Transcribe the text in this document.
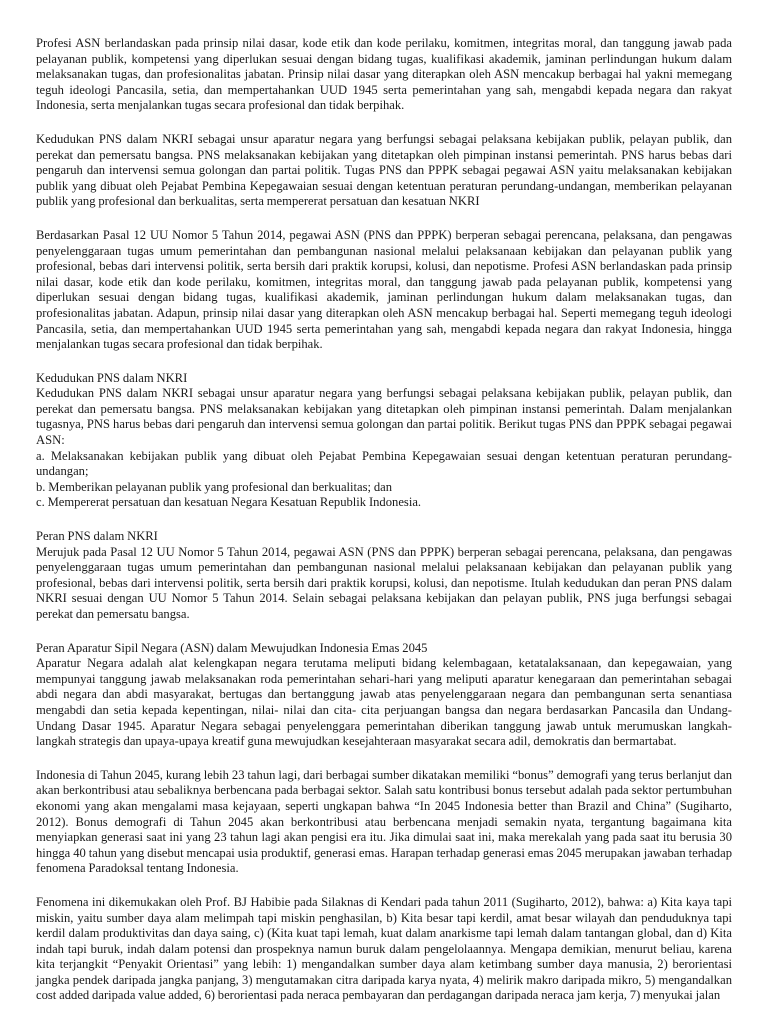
Profesi ASN berlandaskan pada prinsip nilai dasar, kode etik dan kode perilaku, komitmen, integritas moral, dan tanggung jawab pada pelayanan publik, kompetensi yang diperlukan sesuai dengan bidang tugas, kualifikasi akademik, jaminan perlindungan hukum dalam melaksanakan tugas, dan profesionalitas jabatan. Prinsip nilai dasar yang diterapkan oleh ASN mencakup berbagai hal yakni memegang teguh ideologi Pancasila, setia, dan mempertahankan UUD 1945 serta pemerintahan yang sah, mengabdi kepada negara dan rakyat Indonesia, serta menjalankan tugas secara profesional dan tidak berpihak.

Kedudukan PNS dalam NKRI sebagai unsur aparatur negara yang berfungsi sebagai pelaksana kebijakan publik, pelayan publik, dan perekat dan pemersatu bangsa. PNS melaksanakan kebijakan yang ditetapkan oleh pimpinan instansi pemerintah. PNS harus bebas dari pengaruh dan intervensi semua golongan dan partai politik. Tugas PNS dan PPPK sebagai pegawai ASN yaitu melaksanakan kebijakan publik yang dibuat oleh Pejabat Pembina Kepegawaian sesuai dengan ketentuan peraturan perundang-undangan, memberikan pelayanan publik yang profesional dan berkualitas, serta mempererat persatuan dan kesatuan NKRI

Berdasarkan Pasal 12 UU Nomor 5 Tahun 2014, pegawai ASN (PNS dan PPPK) berperan sebagai perencana, pelaksana, dan pengawas penyelenggaraan tugas umum pemerintahan dan pembangunan nasional melalui pelaksanaan kebijakan dan pelayanan publik yang profesional, bebas dari intervensi politik, serta bersih dari praktik korupsi, kolusi, dan nepotisme. Profesi ASN berlandaskan pada prinsip nilai dasar, kode etik dan kode perilaku, komitmen, integritas moral, dan tanggung jawab pada pelayanan publik, kompetensi yang diperlukan sesuai dengan bidang tugas, kualifikasi akademik, jaminan perlindungan hukum dalam melaksanakan tugas, dan profesionalitas jabatan. Adapun, prinsip nilai dasar yang diterapkan oleh ASN mencakup berbagai hal. Seperti memegang teguh ideologi Pancasila, setia, dan mempertahankan UUD 1945 serta pemerintahan yang sah, mengabdi kepada negara dan rakyat Indonesia, hingga menjalankan tugas secara profesional dan tidak berpihak.

Kedudukan PNS dalam NKRI
Kedudukan PNS dalam NKRI sebagai unsur aparatur negara yang berfungsi sebagai pelaksana kebijakan publik, pelayan publik, dan perekat dan pemersatu bangsa. PNS melaksanakan kebijakan yang ditetapkan oleh pimpinan instansi pemerintah. Dalam menjalankan tugasnya, PNS harus bebas dari pengaruh dan intervensi semua golongan dan partai politik. Berikut tugas PNS dan PPPK sebagai pegawai ASN:
a. Melaksanakan kebijakan publik yang dibuat oleh Pejabat Pembina Kepegawaian sesuai dengan ketentuan peraturan perundang-undangan;
b. Memberikan pelayanan publik yang profesional dan berkualitas; dan
c. Mempererat persatuan dan kesatuan Negara Kesatuan Republik Indonesia.
Peran PNS dalam NKRI
Merujuk pada Pasal 12 UU Nomor 5 Tahun 2014, pegawai ASN (PNS dan PPPK) berperan sebagai perencana, pelaksana, dan pengawas penyelenggaraan tugas umum pemerintahan dan pembangunan nasional melalui pelaksanaan kebijakan dan pelayanan publik yang profesional, bebas dari intervensi politik, serta bersih dari praktik korupsi, kolusi, dan nepotisme. Itulah kedudukan dan peran PNS dalam NKRI sesuai dengan UU Nomor 5 Tahun 2014. Selain sebagai pelaksana kebijakan dan pelayan publik, PNS juga berfungsi sebagai perekat dan pemersatu bangsa.
Peran Aparatur Sipil Negara (ASN) dalam Mewujudkan Indonesia Emas 2045
Aparatur Negara adalah alat kelengkapan negara terutama meliputi bidang kelembagaan, ketatalaksanaan, dan kepegawaian, yang mempunyai tanggung jawab melaksanakan roda pemerintahan sehari-hari yang meliputi aparatur kenegaraan dan pemerintahan sebagai abdi negara dan abdi masyarakat, bertugas dan bertanggung jawab atas penyelenggaraan negara dan pembangunan serta senantiasa mengabdi dan setia kepada kepentingan, nilai- nilai dan cita- cita perjuangan bangsa dan negara berdasarkan Pancasila dan Undang-Undang Dasar 1945. Aparatur Negara sebagai penyelenggara pemerintahan diberikan tanggung jawab untuk merumuskan langkah-langkah strategis dan upaya-upaya kreatif guna mewujudkan kesejahteraan masyarakat secara adil, demokratis dan bermartabat.

Indonesia di Tahun 2045, kurang lebih 23 tahun lagi, dari berbagai sumber dikatakan memiliki “bonus” demografi yang terus berlanjut dan akan berkontribusi atau sebaliknya berbencana pada berbagai sektor. Salah satu kontribusi bonus tersebut adalah pada sektor pertumbuhan ekonomi yang akan mengalami masa kejayaan, seperti ungkapan bahwa “In 2045 Indonesia better than Brazil and China” (Sugiharto, 2012). Bonus demografi di Tahun 2045 akan berkontribusi atau berbencana menjadi semakin nyata, tergantung bagaimana kita menyiapkan generasi saat ini yang 23 tahun lagi akan pengisi era itu. Jika dimulai saat ini, maka merekalah yang pada saat itu berusia 30 hingga 40 tahun yang disebut mencapai usia produktif, generasi emas. Harapan terhadap generasi emas 2045 merupakan jawaban terhadap fenomena Paradoksal tentang Indonesia.

Fenomena ini dikemukakan oleh Prof. BJ Habibie pada Silaknas di Kendari pada tahun 2011 (Sugiharto, 2012), bahwa: a) Kita kaya tapi miskin, yaitu sumber daya alam melimpah tapi miskin penghasilan, b) Kita besar tapi kerdil, amat besar wilayah dan penduduknya tapi kerdil dalam produktivitas dan daya saing, c) (Kita kuat tapi lemah, kuat dalam anarkisme tapi lemah dalam tantangan global, dan d) Kita indah tapi buruk, indah dalam potensi dan prospeknya namun buruk dalam pengelolaannya. Mengapa demikian, menurut beliau, karena kita terjangkit “Penyakit Orientasi” yang lebih: 1) mengandalkan sumber daya alam ketimbang sumber daya manusia, 2) berorientasi jangka pendek daripada jangka panjang, 3) mengutamakan citra daripada karya nyata, 4) melirik makro daripada mikro, 5) mengandalkan cost added daripada value added, 6) berorientasi pada neraca pembayaran dan perdagangan daripada neraca jam kerja, 7) menyukai jalan
